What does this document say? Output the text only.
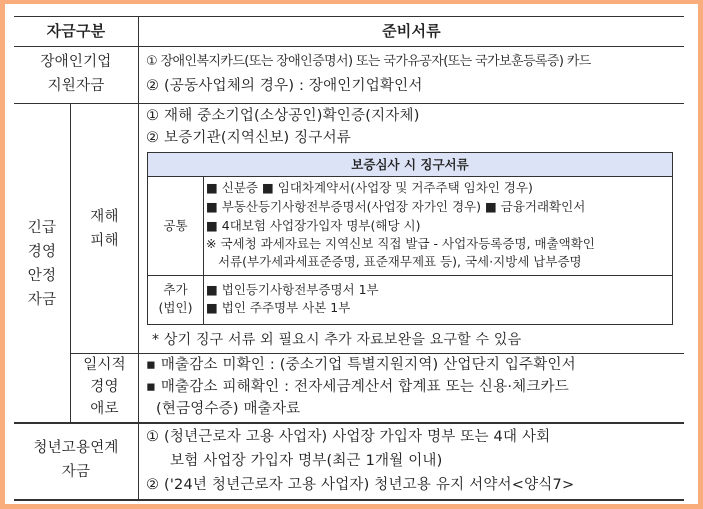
자금구분	준비서류
장애인기업
지원자금
① 장애인복지카드(또는 장애인증명서) 또는 국가유공자(또는 국가보훈등록증) 카드
② (공동사업체의 경우) : 장애인기업확인서
긴급
경영
안정
자금
재해
피해
① 재해 중소기업(소상공인)확인증(지자체)
② 보증기관(지역신보) 징구서류
보증심사 시 징구서류
공통
■ 신분증 ■ 임대차계약서(사업장 및 거주주택 임차인 경우)
■ 부동산등기사항전부증명서(사업장 자가인 경우) ■ 금융거래확인서
■ 4대보험 사업장가입자 명부(해당 시)
※ 국세청 과세자료는 지역신보 직접 발급 - 사업자등록증명, 매출액확인
서류(부가세과세표준증명, 표준재무제표 등), 국세·지방세 납부증명
추가
(법인)
■ 법인등기사항전부증명서 1부
■ 법인 주주명부 사본 1부
* 상기 징구 서류 외 필요시 추가 자료보완을 요구할 수 있음
일시적
경영
애로
▪ 매출감소 미확인 : (중소기업 특별지원지역) 산업단지 입주확인서
▪ 매출감소 피해확인 : 전자세금계산서 합계표 또는 신용·체크카드
(현금영수증) 매출자료
청년고용연계
자금
① (청년근로자 고용 사업자) 사업장 가입자 명부 또는 4대 사회
보험 사업장 가입자 명부(최근 1개월 이내)
② ('24년 청년근로자 고용 사업자) 청년고용 유지 서약서<양식7>
